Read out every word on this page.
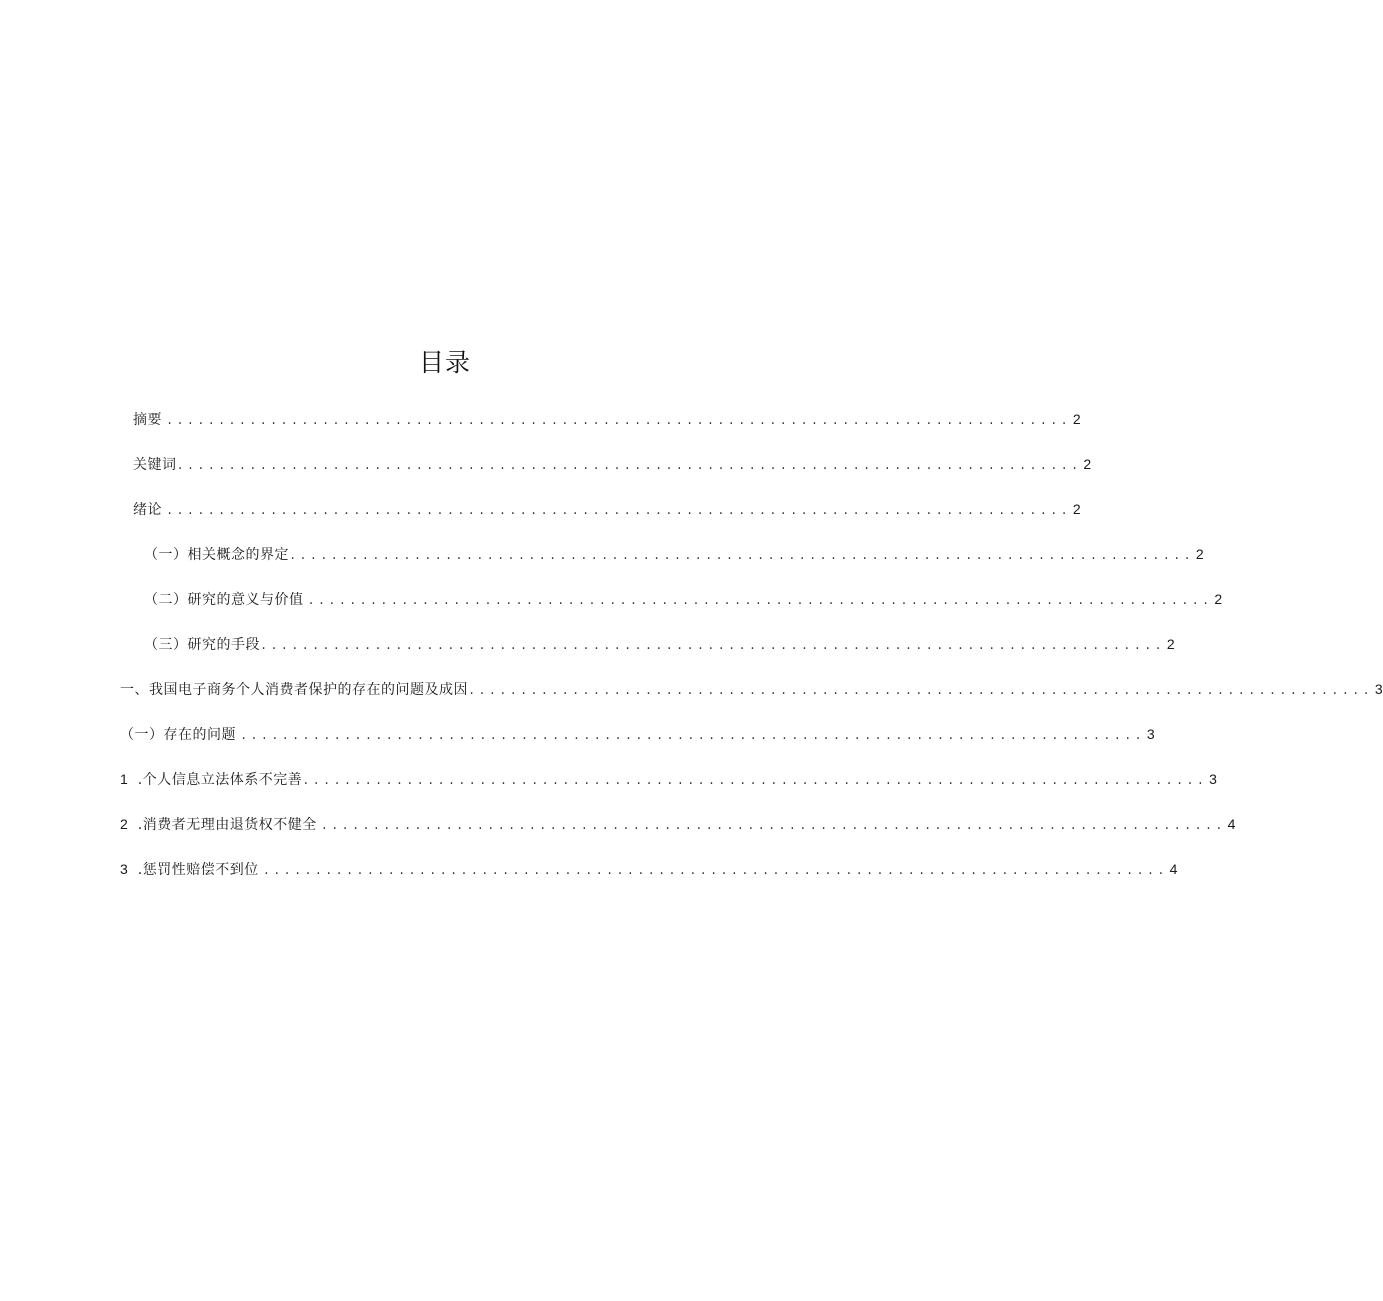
目录
摘要 ....................................................................................... 2
关键词 ....................................................................................... 2
绪论 ....................................................................................... 2
（一）相关概念的界定 ....................................................................................... 2
（二）研究的意义与价值 ....................................................................................... 2
（三）研究的手段 ....................................................................................... 2
一、我国电子商务个人消费者保护的存在的问题及成因 ....................................................................................... 3
（一）存在的问题 ....................................................................................... 3
1 .个人信息立法体系不完善 ....................................................................................... 3
2 .消费者无理由退货权不健全 ....................................................................................... 4
3 .惩罚性赔偿不到位 ....................................................................................... 4
